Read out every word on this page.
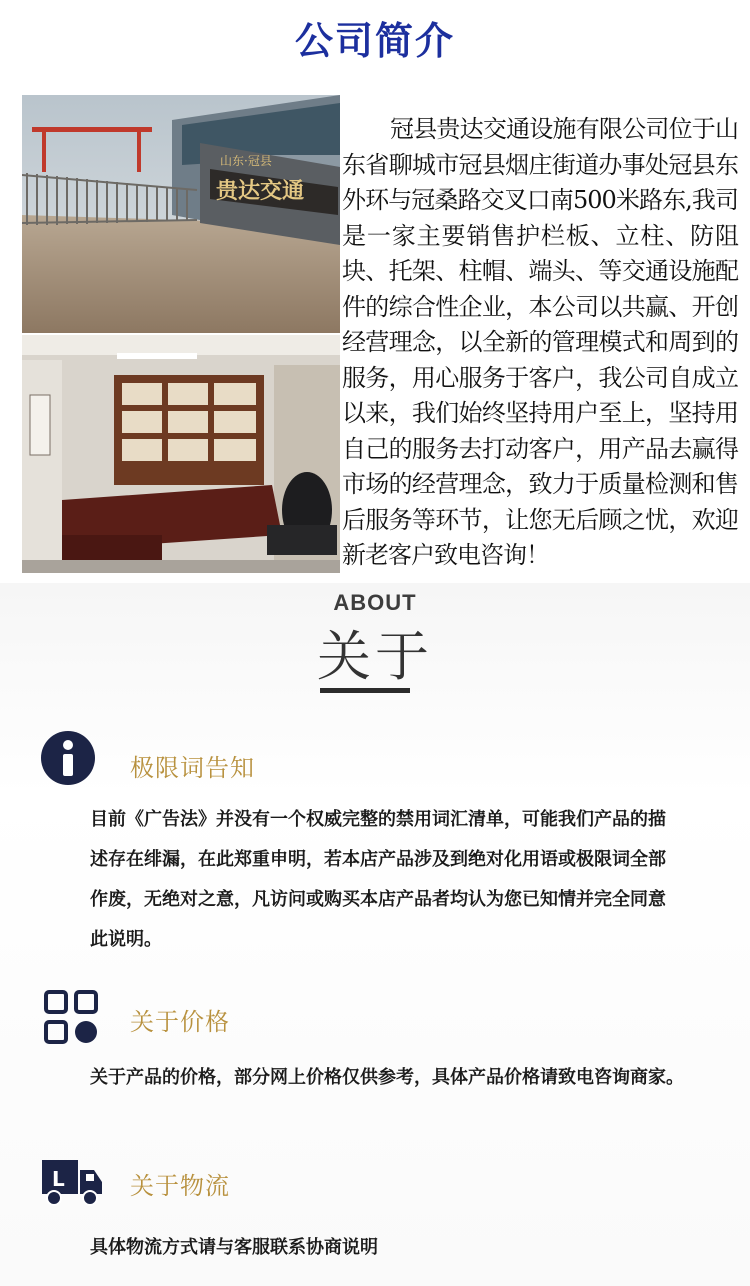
公司简介
山东·冠县
贵达交通

冠县贵达交通设施有限公司位于山东省聊城市冠县烟庄街道办事处冠县东外环与冠桑路交叉口南500米路东,我司是一家主要销售护栏板、立柱、防阻块、托架、柱帽、端头、等交通设施配件的综合性企业，本公司以共赢、开创经营理念，以全新的管理模式和周到的服务，用心服务于客户，我公司自成立以来，我们始终坚持用户至上，坚持用自己的服务去打动客户，用产品去赢得市场的经营理念，致力于质量检测和售后服务等环节，让您无后顾之忧，欢迎新老客户致电咨询！

ABOUT
关于
极限词告知

目前《广告法》并没有一个权威完整的禁用词汇清单，可能我们产品的描述存在绯漏，在此郑重申明，若本店产品涉及到绝对化用语或极限词全部作废，无绝对之意，凡访问或购买本店产品者均认为您已知情并完全同意此说明。

关于价格

关于产品的价格，部分网上价格仅供参考，具体产品价格请致电咨询商家。

L	关于物流

具体物流方式请与客服联系协商说明
